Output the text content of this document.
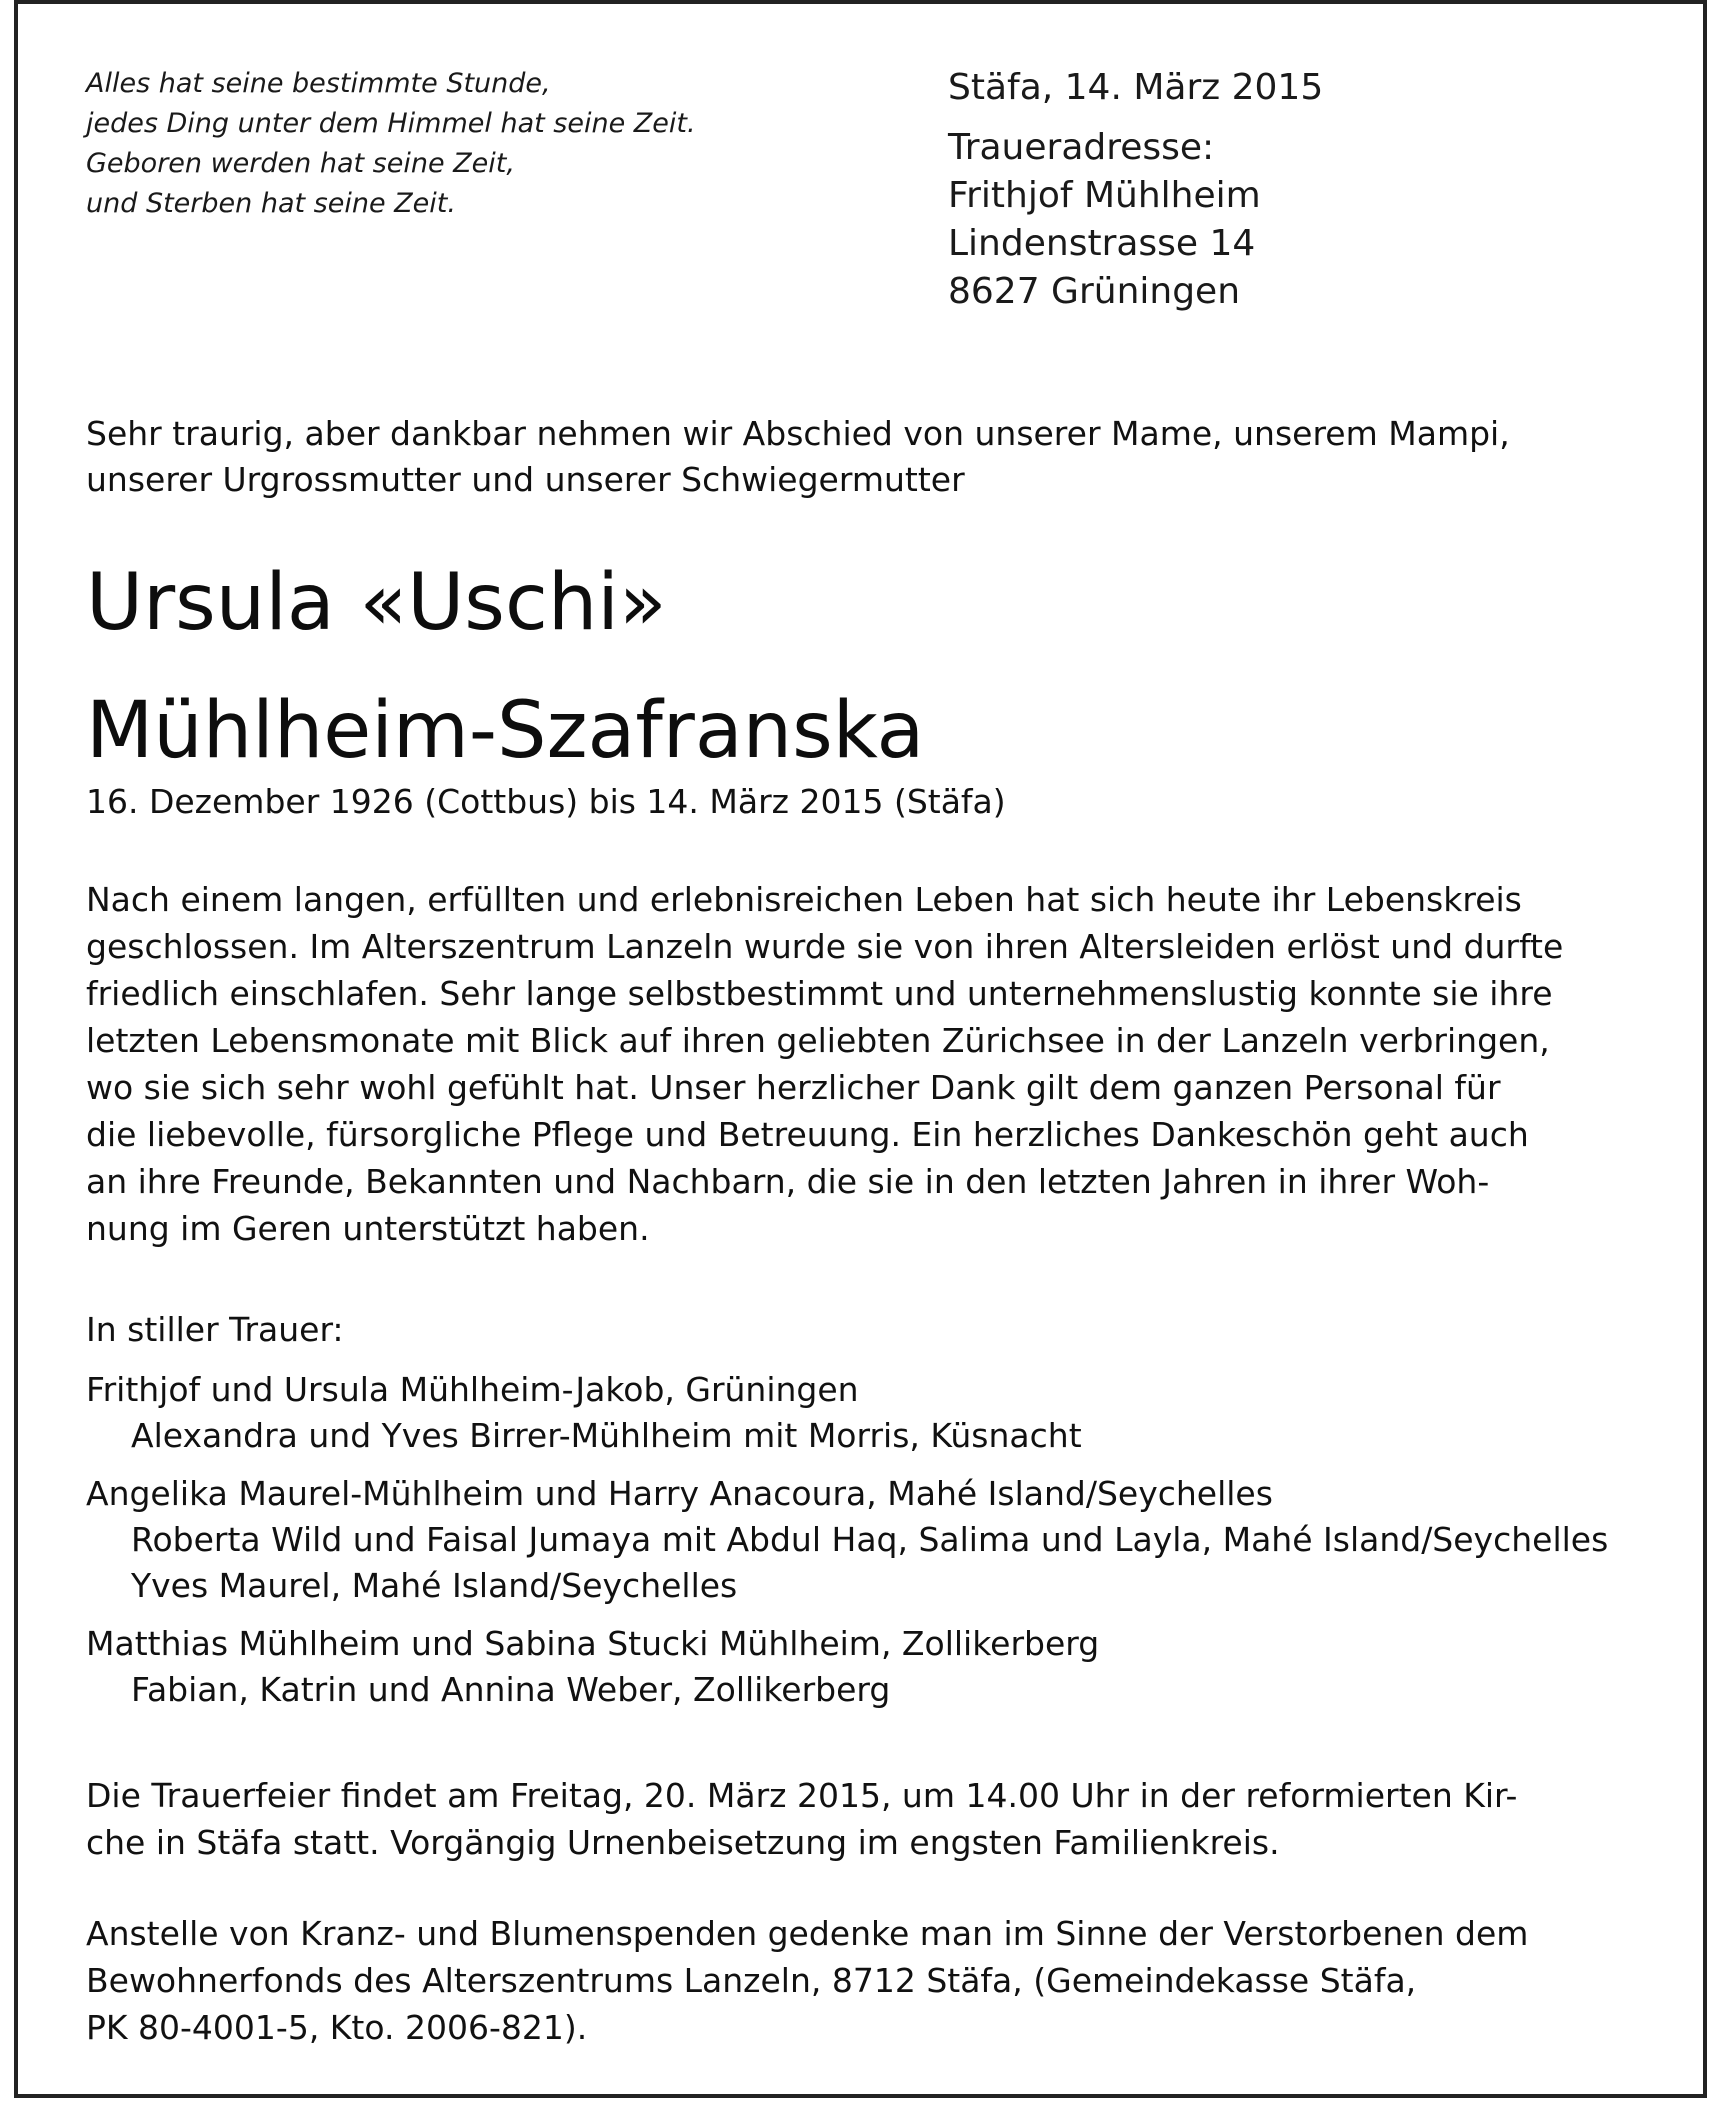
Alles hat seine bestimmte Stunde,
jedes Ding unter dem Himmel hat seine Zeit.
Geboren werden hat seine Zeit,
und Sterben hat seine Zeit.
Stäfa, 14. März 2015
Traueradresse:
Frithjof Mühlheim
Lindenstrasse 14
8627 Grüningen
Sehr traurig, aber dankbar nehmen wir Abschied von unserer Mame, unserem Mampi,
unserer Urgrossmutter und unserer Schwiegermutter
Ursula «Uschi»
Mühlheim-Szafranska
16. Dezember 1926 (Cottbus) bis 14. März 2015 (Stäfa)
Nach einem langen, erfüllten und erlebnisreichen Leben hat sich heute ihr Lebenskreis
geschlossen. Im Alterszentrum Lanzeln wurde sie von ihren Altersleiden erlöst und durfte
friedlich einschlafen. Sehr lange selbstbestimmt und unternehmenslustig konnte sie ihre
letzten Lebensmonate mit Blick auf ihren geliebten Zürichsee in der Lanzeln verbringen,
wo sie sich sehr wohl gefühlt hat. Unser herzlicher Dank gilt dem ganzen Personal für
die liebevolle, fürsorgliche Pflege und Betreuung. Ein herzliches Dankeschön geht auch
an ihre Freunde, Bekannten und Nachbarn, die sie in den letzten Jahren in ihrer Woh-
nung im Geren unterstützt haben.
In stiller Trauer:
Frithjof und Ursula Mühlheim-Jakob, Grüningen
Alexandra und Yves Birrer-Mühlheim mit Morris, Küsnacht
Angelika Maurel-Mühlheim und Harry Anacoura, Mahé Island/Seychelles
Roberta Wild und Faisal Jumaya mit Abdul Haq, Salima und Layla, Mahé Island/Seychelles
Yves Maurel, Mahé Island/Seychelles
Matthias Mühlheim und Sabina Stucki Mühlheim, Zollikerberg
Fabian, Katrin und Annina Weber, Zollikerberg
Die Trauerfeier findet am Freitag, 20. März 2015, um 14.00 Uhr in der reformierten Kir-
che in Stäfa statt. Vorgängig Urnenbeisetzung im engsten Familienkreis.
Anstelle von Kranz- und Blumenspenden gedenke man im Sinne der Verstorbenen dem
Bewohnerfonds des Alterszentrums Lanzeln, 8712 Stäfa, (Gemeindekasse Stäfa,
PK 80-4001-5, Kto. 2006-821).
